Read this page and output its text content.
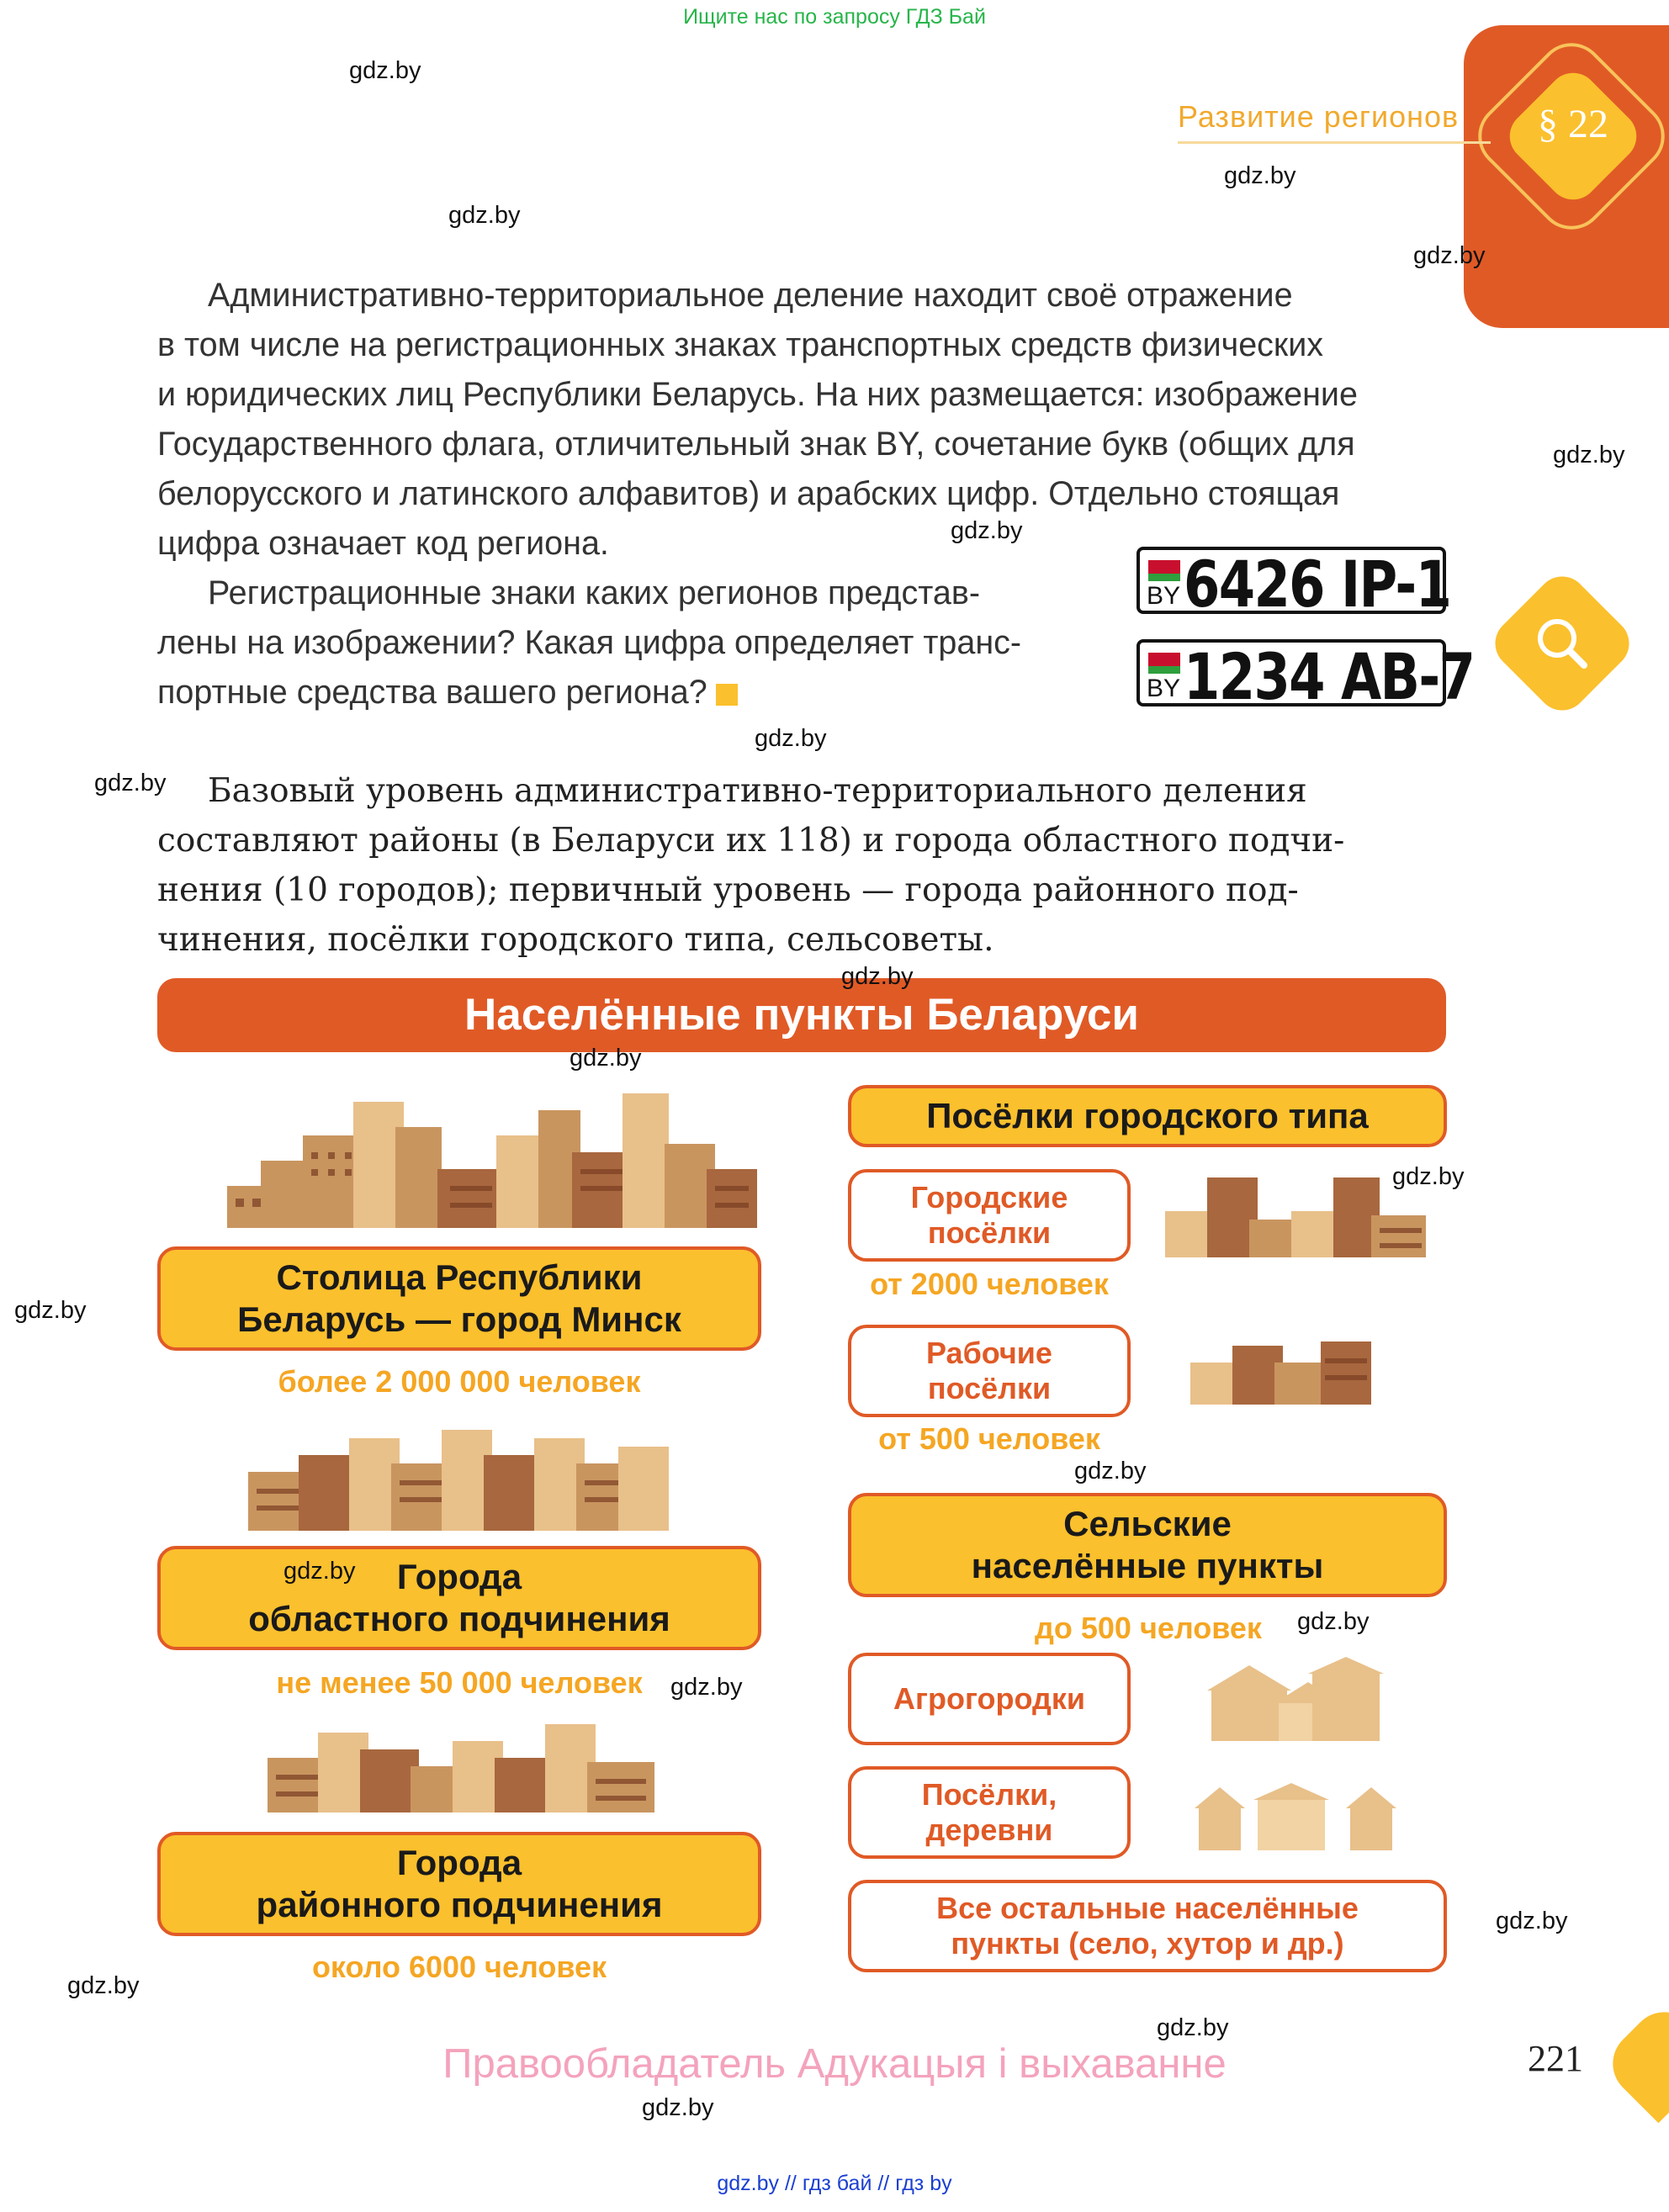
Ищите нас по запросу ГДЗ Бай
§ 22
Развитие регионов
Административно-территориальное деление находит своё отражение
в том числе на регистрационных знаках транспортных средств физических
и юридических лиц Республики Беларусь. На них размещается: изображение
Государственного флага, отличительный знак BY, сочетание букв (общих для
белорусского и латинского алфавитов) и арабских цифр. Отдельно стоящая
цифра означает код региона.
Регистрационные знаки каких регионов представ-
лены на изображении? Какая цифра определяет транс-
портные средства вашего региона?
BY 6426 IP-1
BY 1234 AB-7
Базовый уровень административно-территориального деления
составляют районы (в Беларуси их 118) и города областного подчи-
нения (10 городов); первичный уровень — города районного под-
чинения, посёлки городского типа, сельсоветы.
Населённые пункты Беларуси
Столица Республики
Беларусь — город Минск
более 2 000 000 человек
Города
областного подчинения
не менее 50 000 человек
Города
районного подчинения
около 6000 человек
Посёлки городского типа
Городские
посёлки
от 2000 человек
Рабочие
посёлки
от 500 человек
Сельские
населённые пункты
до 500 человек
Агрогородки
Посёлки,
деревни
Все остальные населённые
пункты (село, хутор и др.)
gdz.by
gdz.by
gdz.by
gdz.by
gdz.by
gdz.by
gdz.by
gdz.by
gdz.by
gdz.by
gdz.by
gdz.by
gdz.by
gdz.by
gdz.by
gdz.by
gdz.by
gdz.by
gdz.by
gdz.by
Правообладатель Адукацыя і выхаванне	221
gdz.by // гдз бай // гдз by
